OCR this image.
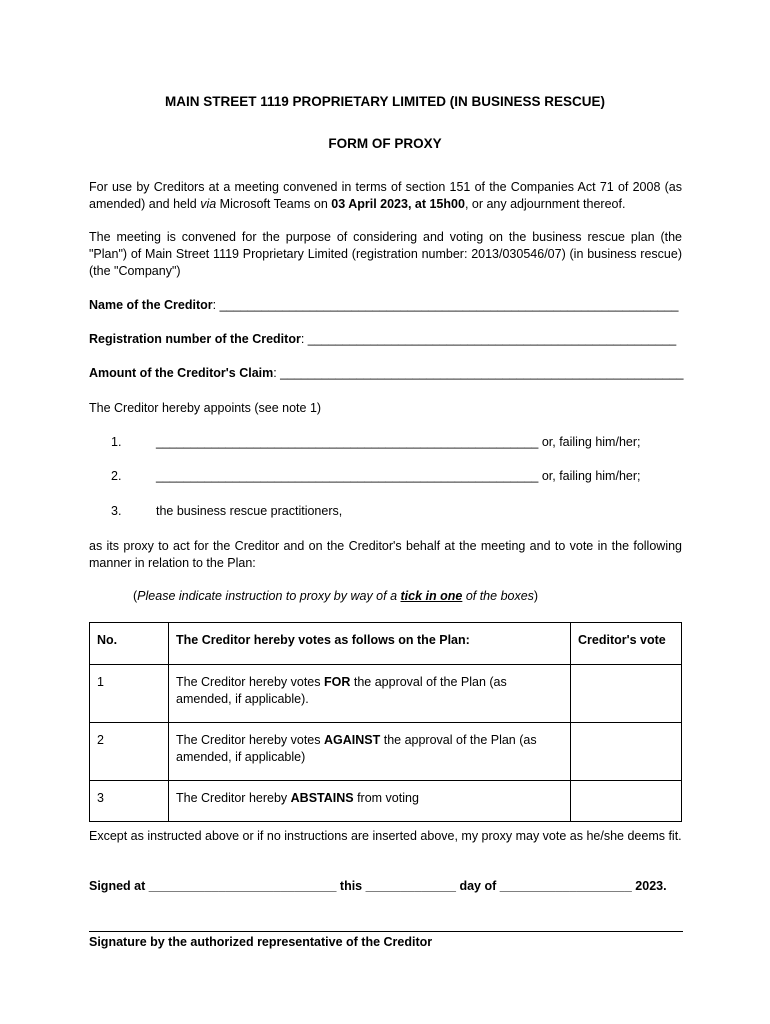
MAIN STREET 1119 PROPRIETARY LIMITED (IN BUSINESS RESCUE)
FORM OF PROXY
For use by Creditors at a meeting convened in terms of section 151 of the Companies Act 71 of 2008 (as amended) and held via Microsoft Teams on 03 April 2023, at 15h00, or any adjournment thereof.
The meeting is convened for the purpose of considering and voting on the business rescue plan (the "Plan") of Main Street 1119 Proprietary Limited (registration number: 2013/030546/07) (in business rescue) (the "Company")
Name of the Creditor: __________________________________________________________________
Registration number of the Creditor: _____________________________________________________
Amount of the Creditor's Claim: __________________________________________________________
The Creditor hereby appoints (see note 1)
1.	_______________________________________________________ or, failing him/her;
2.	_______________________________________________________ or, failing him/her;
3.	the business rescue practitioners,
as its proxy to act for the Creditor and on the Creditor's behalf at the meeting and to vote in the following manner in relation to the Plan:
(Please indicate instruction to proxy by way of a tick in one of the boxes)
No.	The Creditor hereby votes as follows on the Plan:	Creditor's vote
1	The Creditor hereby votes FOR the approval of the Plan (as amended, if applicable).	
2	The Creditor hereby votes AGAINST the approval of the Plan (as amended, if applicable)	
3	The Creditor hereby ABSTAINS from voting	
Except as instructed above or if no instructions are inserted above, my proxy may vote as he/she deems fit.
Signed at ___________________________ this _____________ day of ___________________ 2023.
Signature by the authorized representative of the Creditor
